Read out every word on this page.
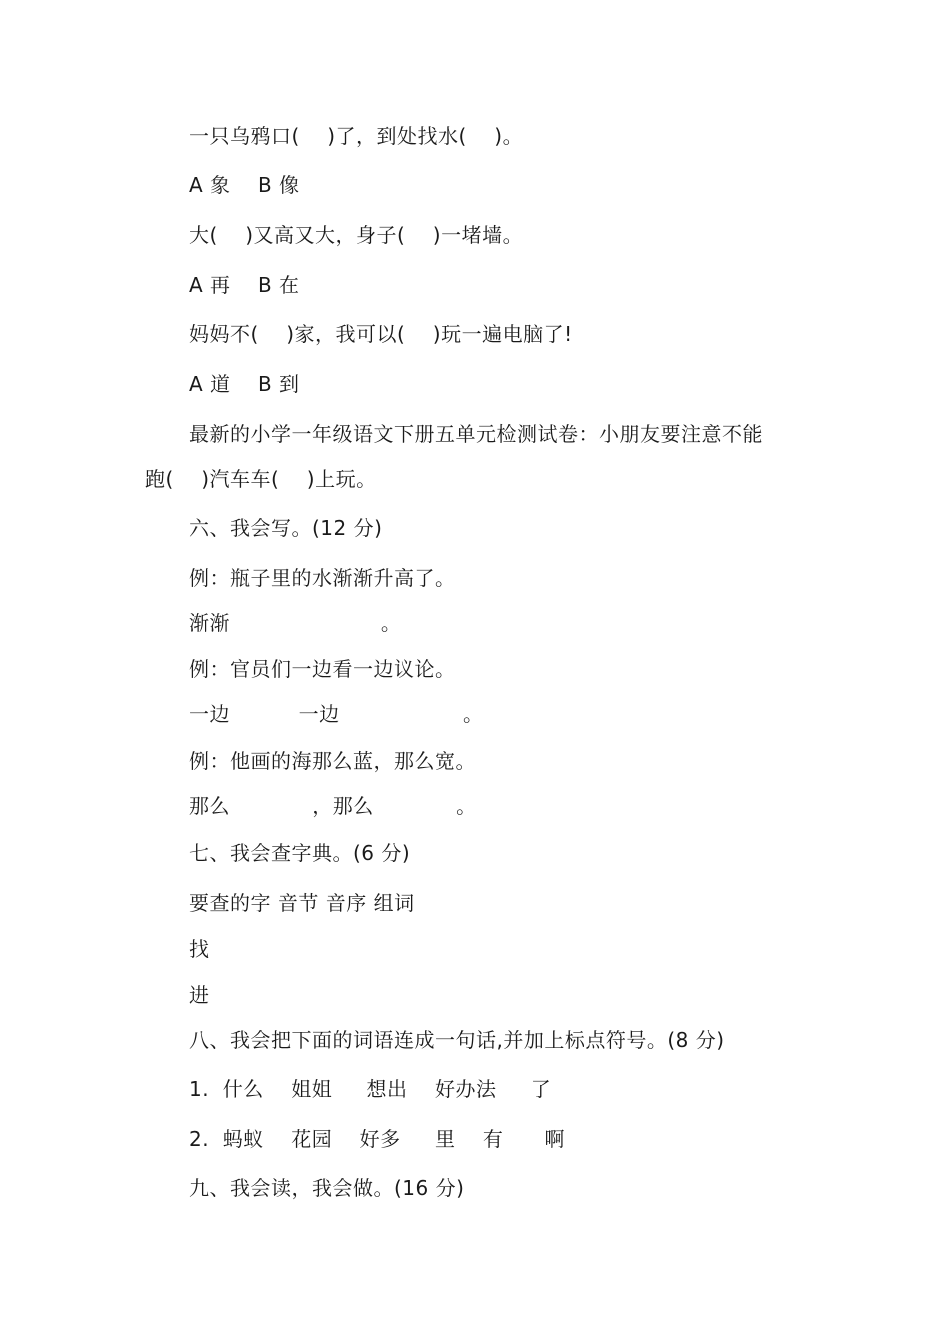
一只乌鸦口(    )了，到处找水(    )。
A 象    B 像
大(    )又高又大，身子(    )一堵墙。
A 再    B 在
妈妈不(    )家，我可以(    )玩一遍电脑了!
A 道    B 到
最新的小学一年级语文下册五单元检测试卷：小朋友要注意不能
跑(    )汽车车(    )上玩。
六、我会写。(12 分)
例：瓶子里的水渐渐升高了。
渐渐                      。
例：官员们一边看一边议论。
一边          一边                  。
例：他画的海那么蓝，那么宽。
那么            ，那么            。
七、我会查字典。(6 分)
要查的字 音节 音序 组词
找
进
八、我会把下面的词语连成一句话,并加上标点符号。(8 分)
1.  什么    姐姐     想出    好办法     了
2.  蚂蚁    花园    好多     里    有      啊
九、我会读，我会做。(16 分)
